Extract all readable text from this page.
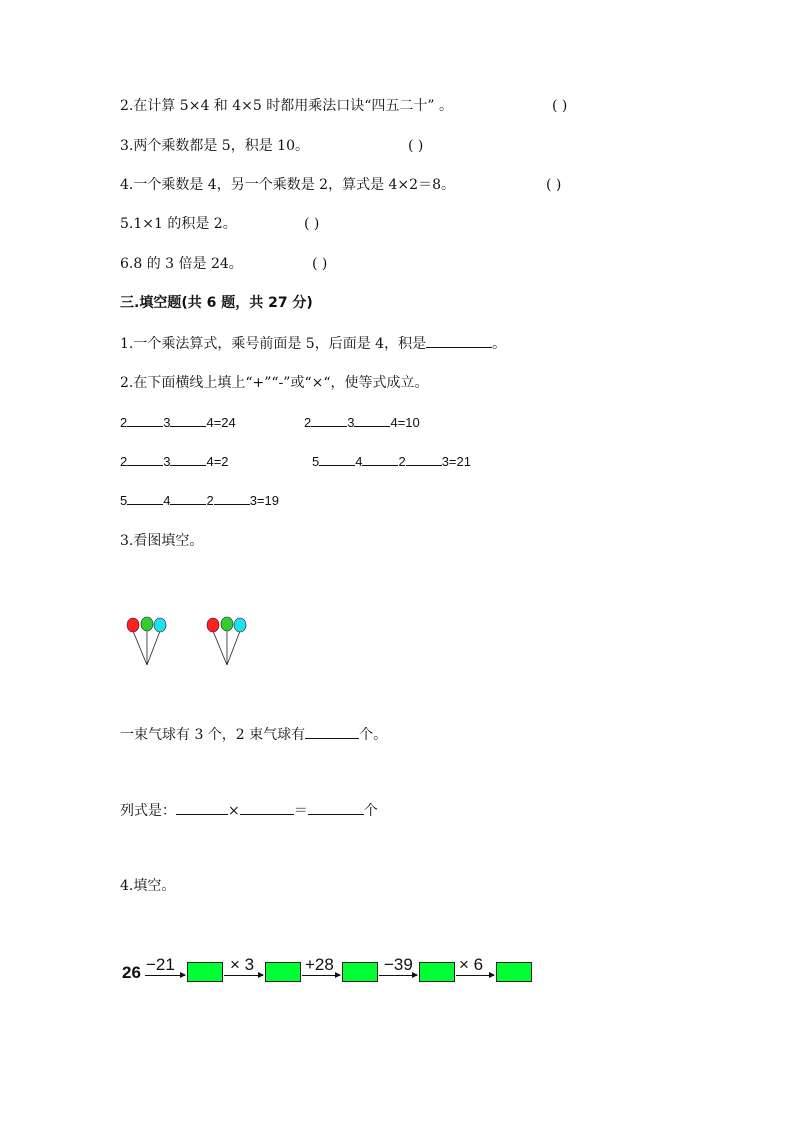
2.在计算 5×4 和 4×5 时都用乘法口诀“四五二十” 。	( )
3.两个乘数都是 5，积是 10。	( )
4.一个乘数是 4，另一个乘数是 2，算式是 4×2＝8。	( )
5.1×1 的积是 2。	( )
6.8 的 3 倍是 24。	( )
三.填空题(共 6 题，共 27 分)
1.一个乘法算式，乘号前面是 5，后面是 4，积是	。
2.在下面横线上填上“+”“-”或“×“，使等式成立。
2	3	4=24	2	3	4=10
2	3	4=2	5	4	2	3=21
5	4	2	3=19
3.看图填空。
一束气球有 3 个，2 束气球有	个。
列式是：	×	＝	个
4.填空。
26 −21	× 3	+28	−39	× 6
